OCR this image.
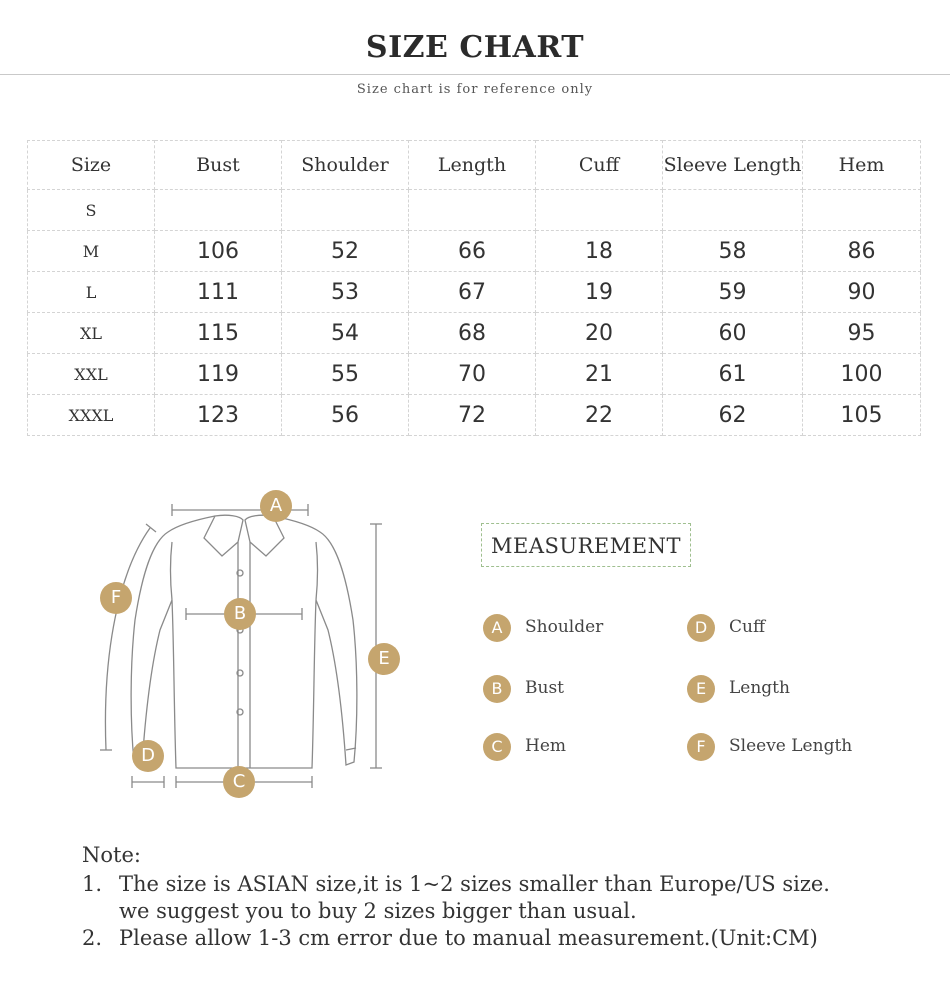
SIZE CHART
Size chart is for reference only
Size	Bust	Shoulder	Length	Cuff	Sleeve Length	Hem
S						
M	106	52	66	18	58	86
L	111	53	67	19	59	90
XL	115	54	68	20	60	95
XXL	119	55	70	21	61	100
XXXL	123	56	72	22	62	105
A
B
C
D
E
F
MEASUREMENT
A	Shoulder
B	Bust
C	Hem
D	Cuff
E	Length
F	Sleeve Length
Note:
1. The size is ASIAN size,it is 1~2 sizes smaller than Europe/US size.
we suggest you to buy 2 sizes bigger than usual.
2. Please allow 1-3 cm error due to manual measurement.(Unit:CM)
